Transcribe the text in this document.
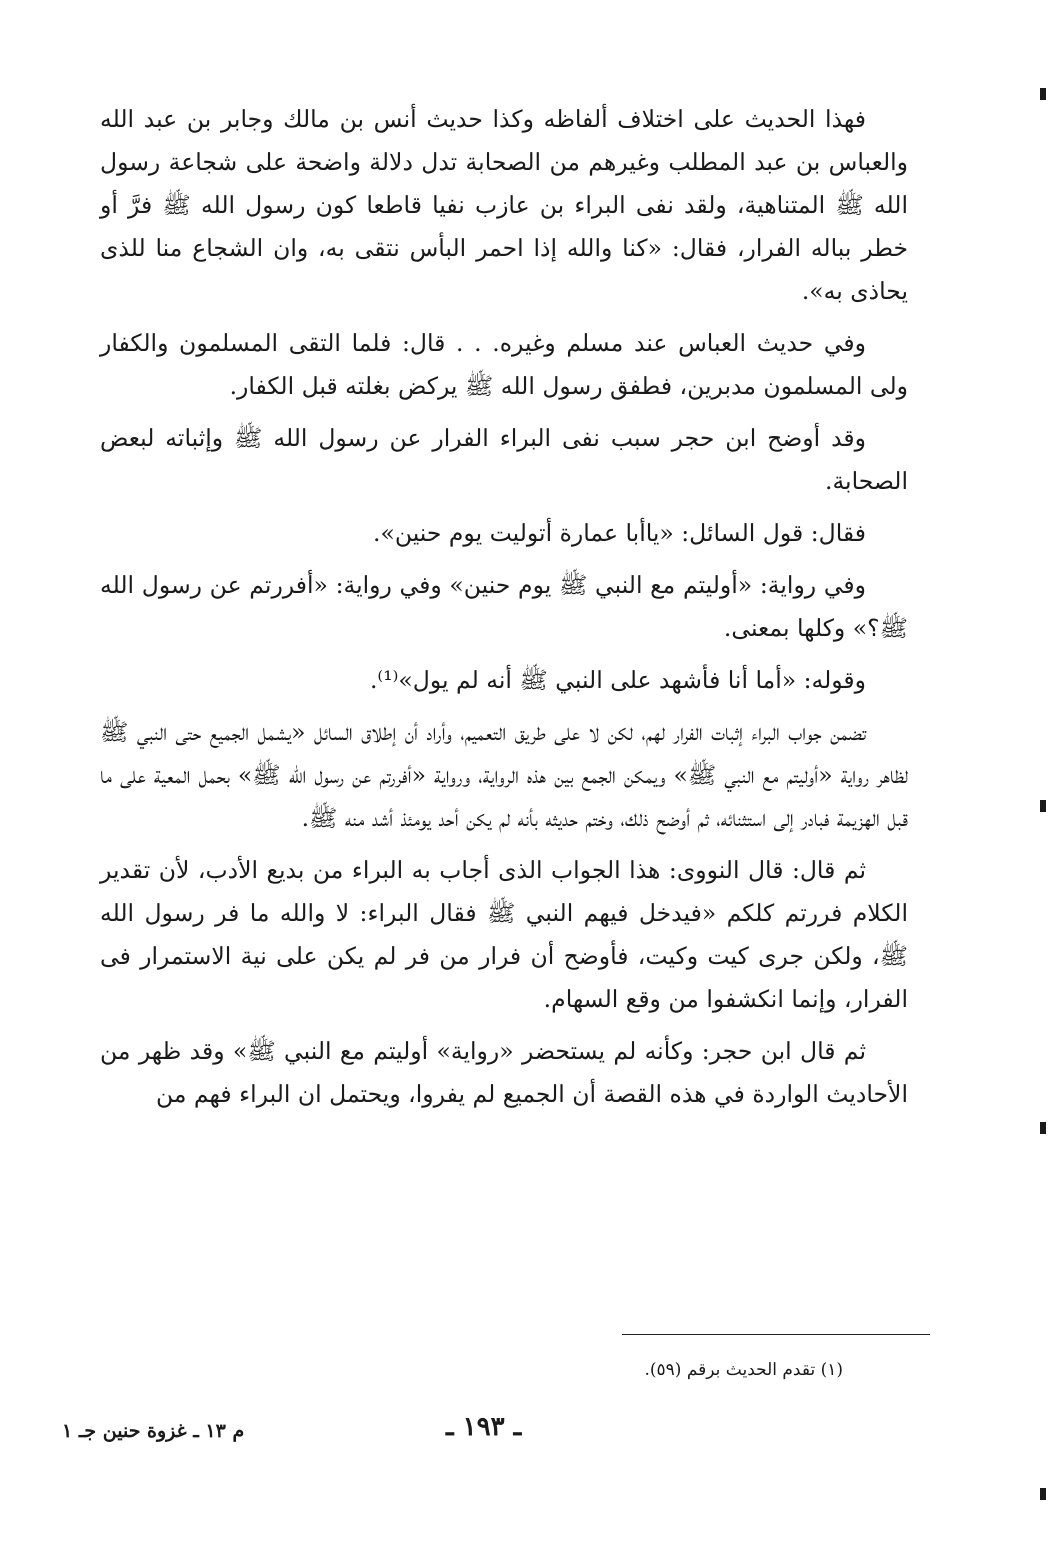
فهذا الحديث على اختلاف ألفاظه وكذا حديث أنس بن مالك وجابر بن عبد الله والعباس بن عبد المطلب وغيرهم من الصحابة تدل دلالة واضحة على شجاعة رسول الله ﷺ المتناهية، ولقد نفى البراء بن عازب نفيا قاطعا كون رسول الله ﷺ فرَّ أو خطر بباله الفرار، فقال: «كنا والله إذا احمر البأس نتقى به، وان الشجاع منا للذى يحاذى به».

وفي حديث العباس عند مسلم وغيره. . . قال: فلما التقى المسلمون والكفار ولى المسلمون مدبرين، فطفق رسول الله ﷺ يركض بغلته قبل الكفار.

وقد أوضح ابن حجر سبب نفى البراء الفرار عن رسول الله ﷺ وإثباته لبعض الصحابة.

فقال: قول السائل: «ياأبا عمارة أتوليت يوم حنين».

وفي رواية: «أوليتم مع النبي ﷺ يوم حنين» وفي رواية: «أفررتم عن رسول الله ﷺ؟» وكلها بمعنى.

وقوله: «أما أنا فأشهد على النبي ﷺ أنه لم يول»⁽¹⁾.

تضمن جواب البراء إثبات الفرار لهم، لكن لا على طريق التعميم، وأراد أن إطلاق السائل «يشمل الجميع حتى النبي ﷺ لظاهر رواية «أوليتم مع النبي ﷺ» ويمكن الجمع بين هذه الرواية، ورواية «أفررتم عن رسول الله ﷺ» بحمل المعية على ما قبل الهزيمة فبادر إلى استثنائه، ثم أوضح ذلك، وختم حديثه بأنه لم يكن أحد يومئذ أشد منه ﷺ.

ثم قال: قال النووى: هذا الجواب الذى أجاب به البراء من بديع الأدب، لأن تقدير الكلام فررتم كلكم «فيدخل فيهم النبي ﷺ فقال البراء: لا والله ما فر رسول الله ﷺ، ولكن جرى كيت وكيت، فأوضح أن فرار من فر لم يكن على نية الاستمرار فى الفرار، وإنما انكشفوا من وقع السهام.

ثم قال ابن حجر: وكأنه لم يستحضر «رواية» أوليتم مع النبي ﷺ» وقد ظهر من الأحاديث الواردة في هذه القصة أن الجميع لم يفروا، ويحتمل ان البراء فهم من

(١) تقدم الحديث برقم (٥٩).
ـ ١٩٣ ـ
م ١٣ ـ غزوة حنين جـ ١
